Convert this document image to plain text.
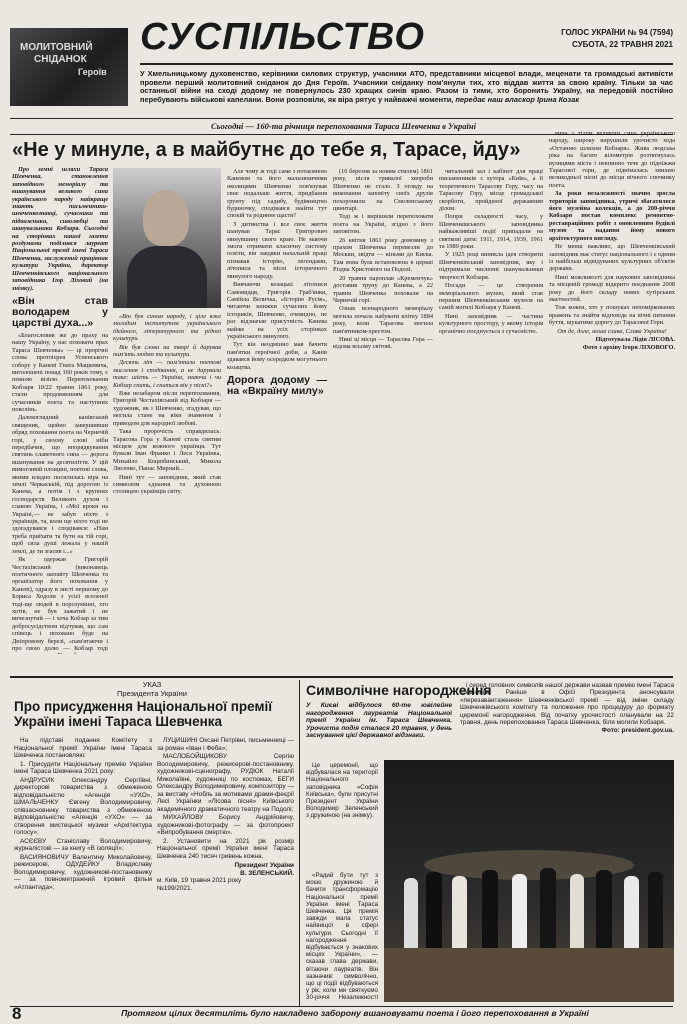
МОЛИТОВНИЙ
СНІДАНОК
Героїв
СУСПІЛЬСТВО	ГОЛОС УКРАЇНИ № 94 (7594)
СУБОТА, 22 ТРАВНЯ 2021
У Хмельницькому духовенство, керівники силових структур, учасники АТО, представники місцевої влади, меценати та громадські активісти провели перший молитовний сніданок до Дня Героїв. Учасники сніданку пом'янули тих, хто віддав життя за свою країну. Тільки за час останньої війни на сході додому не повернулось 230 хращих синів краю. Разом із тими, хто боронить Україну, на передовій постійно перебувають військові капелани. Вони розповіли, як віра рятує у найважчі моменти, передає наш власкор Ірина Козак
Сьогодні — 160-та річниця перепоховання Тараса Шевченка в Україні
«Не у минуле, а в майбутнє до тебе я, Тарасе, йду»

Про земні шляхи Тараса Шевченка, становлення заповідного меморіалу та вшанування великого сина українського народу найкраще знають письменники-шевченкознавці, сучасники та підвижники, сиволюбці та шанувальники Кобзаря. Сьогодні на сторінках нашої газети роздумами поділився лауреат Національної премії імені Тараса Шевченка, заслужений працівник культури України, директор Шевченківського національного заповідника Ігор Ліховий (на знімку).

«Він став володарем у царстві духа...»

«Благословив же до праху на нашу Україну, у нас поховати прах Тараса Шевченка» — ці прорічні слова протоієрея Успенського собору у Каневі Гната Мацкевича, виголошені понад 160 років тому, є певною візією. Перепоховання Кобзаря 10/22 травня 1861 року, стали продовженням для сучасників поета та наступних поколінь.

Далекоглядний канівський священик, щойно завершивши обряд поховання поета на Чернечій горі, у своєму слові ніби передбачив, що впорядкування святинь славетного сина — дорога вшанування на десятиліття. У цій вимогливій площині, поетові слова, якими владно посилилась віра на землі Черкаській, під дорогою із Канева, а потім і з крупних господарств Великого духом і славою Україна, і «Мої кроки на Україні,— не забув ніхто з українців, та, коли ще ніхто тоді не здогадувався і сподівався: «Нам треба приїхати та бути на тій горі, щоб сила душі лежала у нашій землі, де ти згасив і...»

Як одержав Григорій Честахівський (виконавець поетичного заповіту Шевченка та організатор його поховання у Каневі), одразу в листі першому до Бориса Ходоли з усієї вселеної тоді-ще людей в порозумінні, хто хотів, не був зажатий і не вичезнутий — і хоча Кобзар за тим добросусідством відчував, що сам співець і поховано буде на Дніпровому березі, «пам'ятаючи і про свою долю — Кобзар тоді

«Він був сином народу, і ціле вже молодим інститутом українського ідейного, літературного та рідної культури.

Він був слова на творі й дарував пам'ять людям та культура.

Десять літ — пам'ятали поетові мислення і сподівання, а не дарували таке: шість — Україна, знаючи і чи Кобзар спить, і сниться він у пісні?»

Вже незабаром після перепоховання, Григорій Честахівський від Кобзаря — художник, як і Шевченко, згадував, що могила стане на віки знаменом і приводом для народної любові.

Така пророчість справдилась: Тарасова Гора у Каневі стала святим місцем для кожного українця. Тут бували Іван Франко і Леся Українка, Михайло Коцюбинський, Микола Лисенко, Панас Мирний...

Нині тут — заповідник, який став символом єднання та духовною столицею українців світу.

Але чому ж тоді саме з потаємною Каневом та його мальовничими околицями Шевченко пов'язував своє подальше життя, придбання ґрунту під садибу, будівництво будиночку, сподівався знайти тут спокій та родинне щастя?

З дитинства і все своє життя шанував Тарас Григорович минувшину свого краю. Не маючи змоги отримати класичну систему освіти, він завдяки нахальній праці пізнавав історію, легендами, літописи та пісні історичного минулого народу.

Вивчаючи козацькі літописи Самовидця, Григорія Граб'янки, Самійла Величка, «Історію Русів», читаючи книжки сучасних йому істориків, Шевченко, очевидно, не раз відзначав присутність Канева майже на усіх сторінках українського минулого.

Тут він неодмінно мав бачити пам'ятки героїчної доби, а Канів здавався йому осередком могутнього козацтва.

Дорога додому — на «Вкраїну милу»

(10 березня за новим стилем) 1861 року, після тривалої хвороби Шевченко не стало. З огляду на виконання заповіту своїх друзів похоронили на Смоленському цвинтарі.

Тоді ж і вирішили перепоховати поета на Україні, згідно з його заповітом.

26 квітня 1861 року домовину з прахом Шевченка перевезли до Москви, звідти — кіньми до Києва. Там вона була встановлена в церкві Різдва Христового на Подолі.

20 травня пароплав «Кременчук» доставив труну до Канева, а 22 травня Шевченка поховали на Чернечій горі.

Ознак всенародного меморіалу могила почала набувати влітку 1884 року, коли Тарасова могила пам'ятником-хрестом.

Нині ці місця — Тарасова Гора — відома всьому світові.

читальний зал і кабінет для праці письменників з хутора «Київ», а її теоретичного Тарасову Гору, часу на Тарасову Гору, місце громадської скорботи, пройденої державним ділом.

Попри складності часу, у Шевченківського заповідника найважливіші події припадали на святкові дати: 1911, 1914, 1939, 1961 та 1989 роки.

У 1925 році виникла ідея створити Шевченківський заповідник, яку і підтримали численні шанувальники творчості Кобзаря.

Посади — це створення меморіального музею, який став першим Шевченківським музеєм на самій могилі Кобзаря у Каневі.

Нині заповідник — частина культурного простору, у якому історія органічно поєднується з сучасністю.

вина з тілом великого сина українського народу, широку вирушили урочисто хода «Останню шляхом Кобзаря». Жива людська ріка на багато кілометрів розтягнулась вулицями міста і невпинно тече до підніжжя Тарасової гори, де піднімалась хвилею великодньої пісні до місця вічного спочинку поета.

За роки незалежності значно зросла територія заповідника, утричі збагатилося його музейна колекція, а до 200-річчя Кобзаря постав комплекс ремонтно-реставраційних робіт з оновленням будівлі музею та надання йому нового архітектурного вигляду.

Не менш важливо, що Шевченківський заповідник має статус національного і є одним із найбільш відвідуваних культурних об'єктів держави.

Нині можливості для наукових заповідника та місцевій громаді відкрито поєднання 2008 року до його складу нових хутірських маєтностей.

Тож кожен, хто у пошуках непоміркованих вражень та знайти відповідь на вічні питання буття, шукатиме дорогу до Тарасової Гори.

От де, доле, наша слава, Слава України!

Підготувала Лідія ЛІСОВА.

Фото з архіву Ігоря ЛІХОВОГО.

УКАЗ
Президента України
Про присудження Національної премії України імені Тараса Шевченка

На підставі подання Комітету з Національної премії України імені Тараса Шевченка постановляю:

1. Присудити Національну премію України імені Тараса Шевченка 2021 року:

АНДРУСИК Олександру Сергіївні, директорові товариства з обмеженою відповідальністю «Агенція «УХО», ШМАЛЬЧЕНКУ Євгену Володимировичу, співзасновнику товариства з обмеженою відповідальністю «Агенція «УХО» — за створення мистецької музики «Архітектура голосу»;

АСЄЄВУ Станіславу Володимировичу, журналістові — за книгу «В ізоляції»;

ВАСИЯНОВИЧУ Валентину Миколайовичу, режисерові, ОДУДЕЙКУ Владиславу Володимировичу, художникові-постановнику — за повнометражний ігровий фільм «Атлантида»;

ЛУЦИШИНІ Оксані Петрівні, письменниці — за роман «Іван і Феба»;

МАСЛОБОЙЩИКОВУ Сергію Володимировичу, режисерові-постановнику, художникові-сценографу, РУДЮК Наталії Миколаївні, художниці по костюмах, БЕГИ Олександру Володимировичу, композитору — за виставу «Нобль за мотивами драми-феєрії Лесі Українки «Лісова пісня» Київського академічного драматичного театру на Подолі;

МИХАЙЛОВУ Борису Андрійовичу, художникові-фотографу — за фотопроект «Випробування смертю».

2. Установити на 2021 рік розмір Національної премії України імені Тараса Шевченка 240 тисяч гривень кожна.

Президент України
В. ЗЕЛЕНСЬКИЙ.
м. Київ, 19 травня 2021 року
№199/2021.
Символічне нагородження

У Києві відбулося 60-те ювілейне нагородження лауреатів Національної премії України ім. Тараса Шевченка. Урочиста подія сталася 20 травня, у день заснування цієї державної відзнаки.

Це церемонії, що відбувалася на території Національного заповідника «Софія Київська», були присутні Президент України Володимир Зеленський з дружиною (на знімку).

«Радий бути тут з моєю дружиною й бачити трансформацію Національної премії України імені Тараса Шевченка. Ця премія завжди мала статус найвищої в сфері культури. Сьогодні її нагородження відбувається у знакових місцях України», — сказав глава держави, вітаючи лауреатів. Він зазначив: символічно, що ці події відбуваються у рік, коли ми святкуємо 30-річчя Незалежності

і серед головних символів нашої держави назвав премію імені Тараса Шевченка. Раніше в Офісі Президента анонсували «перезавантаження» Шевченківської премії — від зміни складу Шевченківського комітету та положення про процедуру до формату церемонії нагородження. Від початку урочистості планували на 22 травня, день перепоховання Тараса Шевченка, біля могили Кобзаря.

Фото: president.gov.ua.

8	Протягом цілих десятиліть було накладено заборону вшановувати поета і його перепоховання в Україні
